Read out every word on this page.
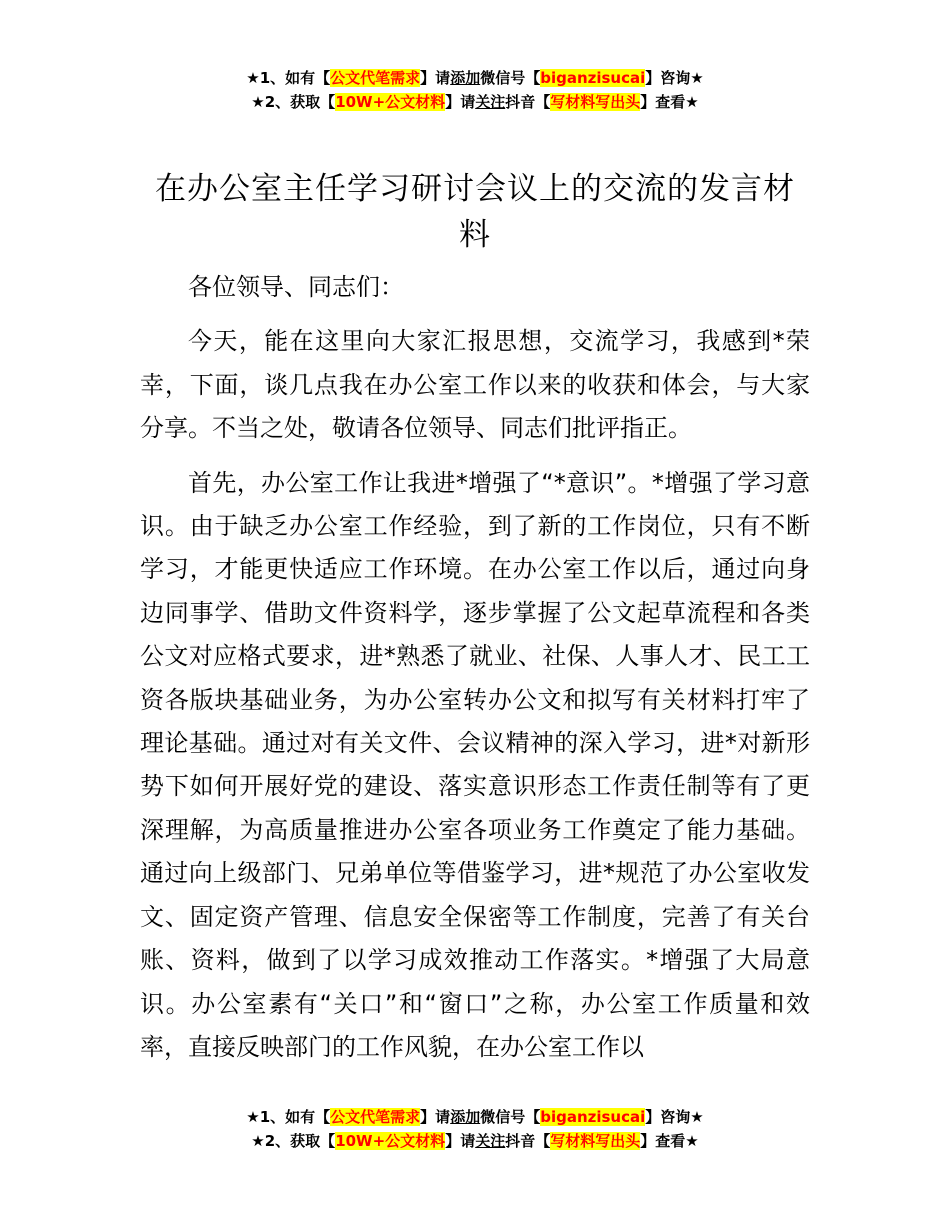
★1、如有【公文代笔需求】请添加微信号【biganzisucai】咨询★
★2、获取【10W+公文材料】请关注抖音【写材料写出头】查看★
在办公室主任学习研讨会议上的交流的发言材料

各位领导、同志们：

今天，能在这里向大家汇报思想，交流学习，我感到*荣幸，下面，谈几点我在办公室工作以来的收获和体会，与大家分享。不当之处，敬请各位领导、同志们批评指正。

首先，办公室工作让我进*增强了“*意识”。*增强了学习意识。由于缺乏办公室工作经验，到了新的工作岗位，只有不断学习，才能更快适应工作环境。在办公室工作以后，通过向身边同事学、借助文件资料学，逐步掌握了公文起草流程和各类公文对应格式要求，进*熟悉了就业、社保、人事人才、民工工资各版块基础业务，为办公室转办公文和拟写有关材料打牢了理论基础。通过对有关文件、会议精神的深入学习，进*对新形势下如何开展好党的建设、落实意识形态工作责任制等有了更深理解，为高质量推进办公室各项业务工作奠定了能力基础。通过向上级部门、兄弟单位等借鉴学习，进*规范了办公室收发文、固定资产管理、信息安全保密等工作制度，完善了有关台账、资料，做到了以学习成效推动工作落实。*增强了大局意识。办公室素有“关口”和“窗口”之称，办公室工作质量和效率，直接反映部门的工作风貌，在办公室工作以

★1、如有【公文代笔需求】请添加微信号【biganzisucai】咨询★
★2、获取【10W+公文材料】请关注抖音【写材料写出头】查看★
